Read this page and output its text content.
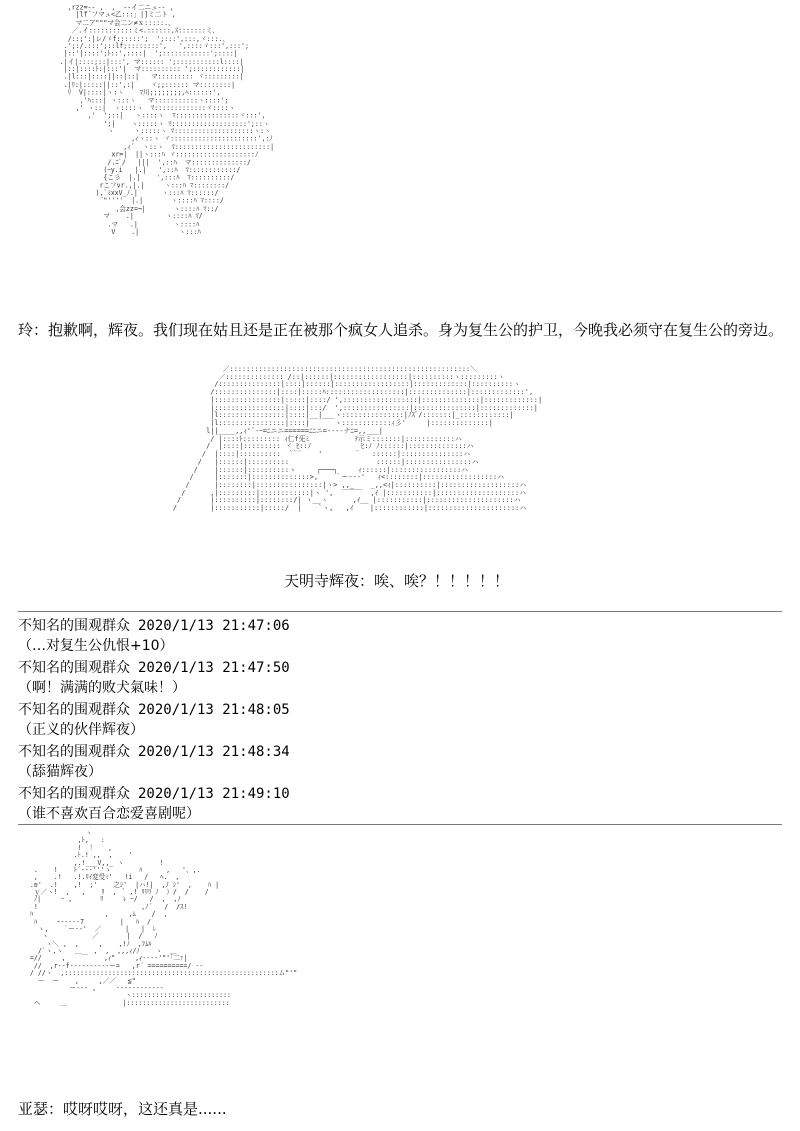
,rzz=-- ,  ,  -‐イ二ニュ-- ,
|lf´フマュ<乙:::」|]ミ二ト ,
マ二ア"""マ会二ン≠ｘ:::::.、
／.イ:::::::::::ミ<.::::::,ｽ:::::::ミ、
/::;':|レ/ゞf::::::';  ';:::',:::,ヾ:::.、
.';:/.:::';::lf;::::::::',   ',::::ヾ:::',:::';
|::'|::::';ﾄ::',::::|  ';::::::::::::';::::|
.|イ|::::;::|:::', マ:::::: ';:::::::::::l::::|
|::|::::ﾄ:|:::'|  マ:::::::::: ';::::::::::::|
.|l:::|::::||::|::|   マ::::::::: ヾ:::::::::|
.|ﾘ:|:::::||::',:|    ヾ;;:::::: マ::::::::|
ﾘ  V|::::|ヽ:ヽ    ﾏ川;;;;;;;;,ﾍ::::::',
,'ﾊ:::| ヽ:::ヽ   マ:::::::::::ヽ::::';
,' ヽ::|  ヽ::::ヽ  ﾏ:::::::::::::ヾ::::ヽ
,'  ';::|   ヽ::::ヽ  ﾏ::::::::::::::::ヾ:::',
';|    ヽ:::::ヽ ﾏ:::::::::::::::::::';::ヽ
ヽ     ヽ:::::ヽ ﾏ::::::::::::::::::::ヽ:ヽ
,ｨヽ::ヽ ヾ::::::::::::::::::::::',:ﾉ
,ｨ´  ヽ::ヽ  ﾏ::::::::::::::::::::::::|
xr=|  ||ヽ:::ﾊ ヾ::::::::::::::::::::ﾉ
/.ﾆﾞ/   |||  ',::ﾊ  マ::::::::::::::/
(ｰy.i   |.|   ',::ﾊ  ﾏ::::::::::::/
{こ彡  |.|    ',:::ﾊ  ﾏ::::::::::/
rこフvr.,|.|     ヽ:::ﾊ ﾏ::::::::/
),`ﾐxxV_ﾉ.|      ヽ:::ﾊ ﾏ::::::/
¨"''''  |.|       ヽ::::ﾊ ﾏ::::/
,会zz=¬|       ヽ::::ﾊ ﾏ::/
マ    .|        ヽ::::ﾊ ﾏ/
.マ   .|         ヽ::::ﾊ
V    .|          ヽ:::ﾊ

玲：抱歉啊，辉夜。我们现在姑且还是正在被那个疯女人追杀。身为复生公的护卫，今晚我必须守在复生公的旁边。

／::::::::::::::::::::::::::::::::::::::::::::::::::::::::::＼
／:::::::::::::: /::|::::::|::::::::::::::::::|::::::::::ヽ:::::::::ヽ
/:::::::::::::::|::::|::::::|::::::::::::::::::|:::::::::::::|::::::::::ヽ
/:::::::::::::::|::::|:::::ﾊ:::::::::::::::::::|::::::::::::::|:::::::::::::',
|::::::::::::::::|:::::|::::/ ',::::::::::::::::::|::::::::::::::|:::::::::::::|
|:::::::::::::::::|::::|:::/  ',::::::::::::::::|:::::::::::::::|:::::::::::::|
|l::::::::::::::::|::::|__|___ヽ:::::::::::::::|ﾉｽﾞ/:::::::|_::::::::::::|
|l::::::::::::::::|::::|      ヽ::::::::::::ｨ彡'     |::::::::::::::|
l||____,,ｨ'¨‐ｰ=ﾆニニ======ﾆﾆニ=‐‐‐‐ナﾆ=,,___|
/ |::::ﾄ::::::::: ｨ仁f旡ﾐ           ﾃ示ミ:::::::|::::::::::::ハ
/  |::::|::::::::: ヾ ﾋ::ﾉ            ﾋ:ﾉ ﾉ::::::|::::::::::::::ハ
/  |::::|::::::::::  `¨¨    '        ¨   ::::::|:::::::::::::::ハ
/   |::::::|::::::::::                     ::::::|::::::::::::::::ハ
/    |::::::|::::::::::ゝ     ┌───┐     ｨ::::::|:::::::::::::::::ハ
/     |:::::::|::::::::::::::>,    ｀ー‐‐‐'   ｨ<::::::::|::::::::::::::::::ハ
/      |::::::::|::::::::::::::::|ヽ> ,,_    _,,<ｨ|::::::::::|:::::::::::::::::::ハ
/      ,|:::::::::|::::::::::::|ヽ ',  ￣￣￣  ,ｲ |:::::::::::|::::::::::::::::::::ハ
/       |::::::::::|::::::::/| ヽ__ヽ      ,ｲ__ |:::::::::::|:::::::::::::::::::::ハ
/        |:::::::::::|:::::/  |    `ヽ,   ,ｲ    |::::::::::::|::::::::::::::::::::::ハ

天明寺辉夜：唉、唉？！！！！！

不知名的围观群众 2020/1/13 21:47:06
（…对复生公仇恨+10）
不知名的围观群众 2020/1/13 21:47:50
（啊！满满的败犬氣味！）
不知名的围观群众 2020/1/13 21:48:05
（正义的伙伴辉夜）
不知名的围观群众 2020/1/13 21:48:34
（舔猫辉夜）
不知名的围观群众 2020/1/13 21:49:10
（谁不喜欢百合恋爱喜剧呢）
ヽ
,ﾄ,   :
!  ！   ,
.ﾄ.! ,,  ,    '
,.!___V,,_ ヽ         !
.    !    ﾄ´‐‐‐'''ヽ       ﾊ      ,   '、,.
,    .!   .!.ﾘｲ変受ﾐ'   !i   /   ﾍ.  ,
.≡'  .!    ,!  ;'    之ｼ'  |ハ!|  ,ﾉ ｼ'  ,    ﾊ |
ｙ／ヽ!  ,   ,    ﾘ  ,  ﾞ ,! ﾘﾘﾘ ﾉ  ）/  /    /
ﾉ|     ｰ ,       ﾘ     ﾚ ｰ/   /  ,  ,ﾉ
!                          ,ﾉ´   /  /ｽ!
ﾊ                  ,     ,ﾑ    /  ,
ﾊ     ｰ--‐‐‐7         |   ﾊ  /
ヽ,    `ー‐‐'  ／      |   |  ﾚ
ヽ           ／       |  /   ﾉ
ヽ＼ ,  ,     ,    ,!ﾉ  ,ﾌﾑﾙ
/`ヽ,ヽ   ＿   ,  ,  ,,,ｨ/ﾉ    ヽ  ＿
=//     ,    ￣    ,ｨ"     ,ｨ-‐‐‐'"'｢二ｧ|
//  ,r-‐f-‐‐‐‐‐‐‐‐‐ー=   ,r´ ==========/ ‐‐
/ //ヽ  ,::::::::::::::::::::::::::::::::::::::::::::::::::::::ム"'"
ー  ー    ,     ,／／   ≦"
ー‐‐- ,     ‐‐‐‐‐‐‐‐‐‐‐‐
ヽ:::::::::::::::::::::::::
ヘ     ＿              |::::::::::::::::::::::::::

亚瑟：哎呀哎呀，这还真是......
